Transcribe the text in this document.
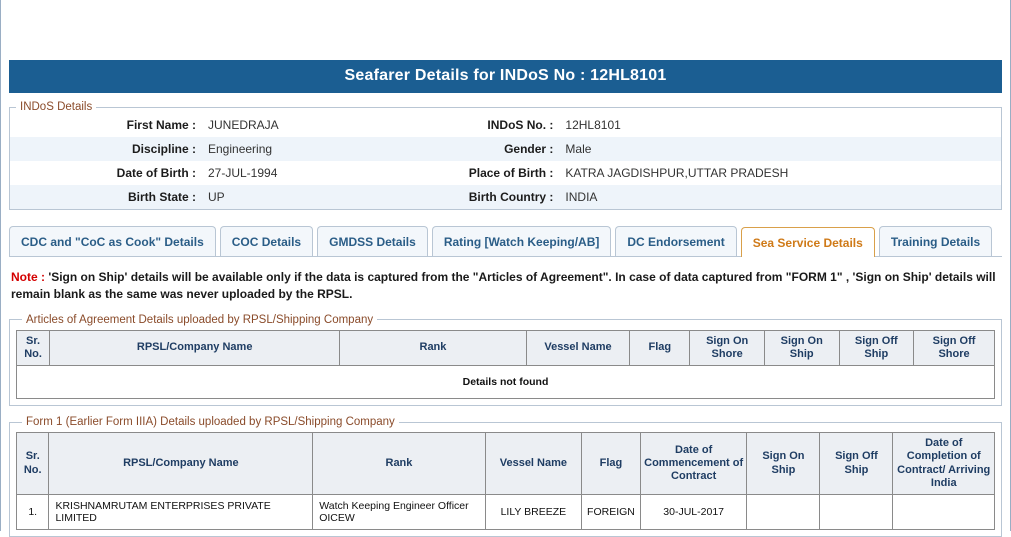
Seafarer Details for INDoS No : 12HL8101
INDoS Details
First Name :	JUNEDRAJA	INDoS No. :	12HL8101
Discipline :	Engineering	Gender :	Male
Date of Birth :	27-JUL-1994	Place of Birth :	KATRA JAGDISHPUR,UTTAR PRADESH
Birth State :	UP	Birth Country :	INDIA
CDC and "CoC as Cook" Details	COC Details	GMDSS Details	Rating [Watch Keeping/AB]	DC Endorsement	Sea Service Details	Training Details
Note : 'Sign on Ship' details will be available only if the data is captured from the "Articles of Agreement". In case of data captured from "FORM 1" , 'Sign on Ship' details will remain blank as the same was never uploaded by the RPSL.
Articles of Agreement Details uploaded by RPSL/Shipping Company
Sr. No.	RPSL/Company Name	Rank	Vessel Name	Flag	Sign On Shore	Sign On Ship	Sign Off Ship	Sign Off Shore
Details not found
Form 1 (Earlier Form IIIA) Details uploaded by RPSL/Shipping Company
Sr. No.	RPSL/Company Name	Rank	Vessel Name	Flag	Date of Commencement of Contract	Sign On Ship	Sign Off Ship	Date of Completion of Contract/ Arriving India
1.	KRISHNAMRUTAM ENTERPRISES PRIVATE LIMITED	Watch Keeping Engineer Officer OICEW	LILY BREEZE	FOREIGN	30-JUL-2017			
